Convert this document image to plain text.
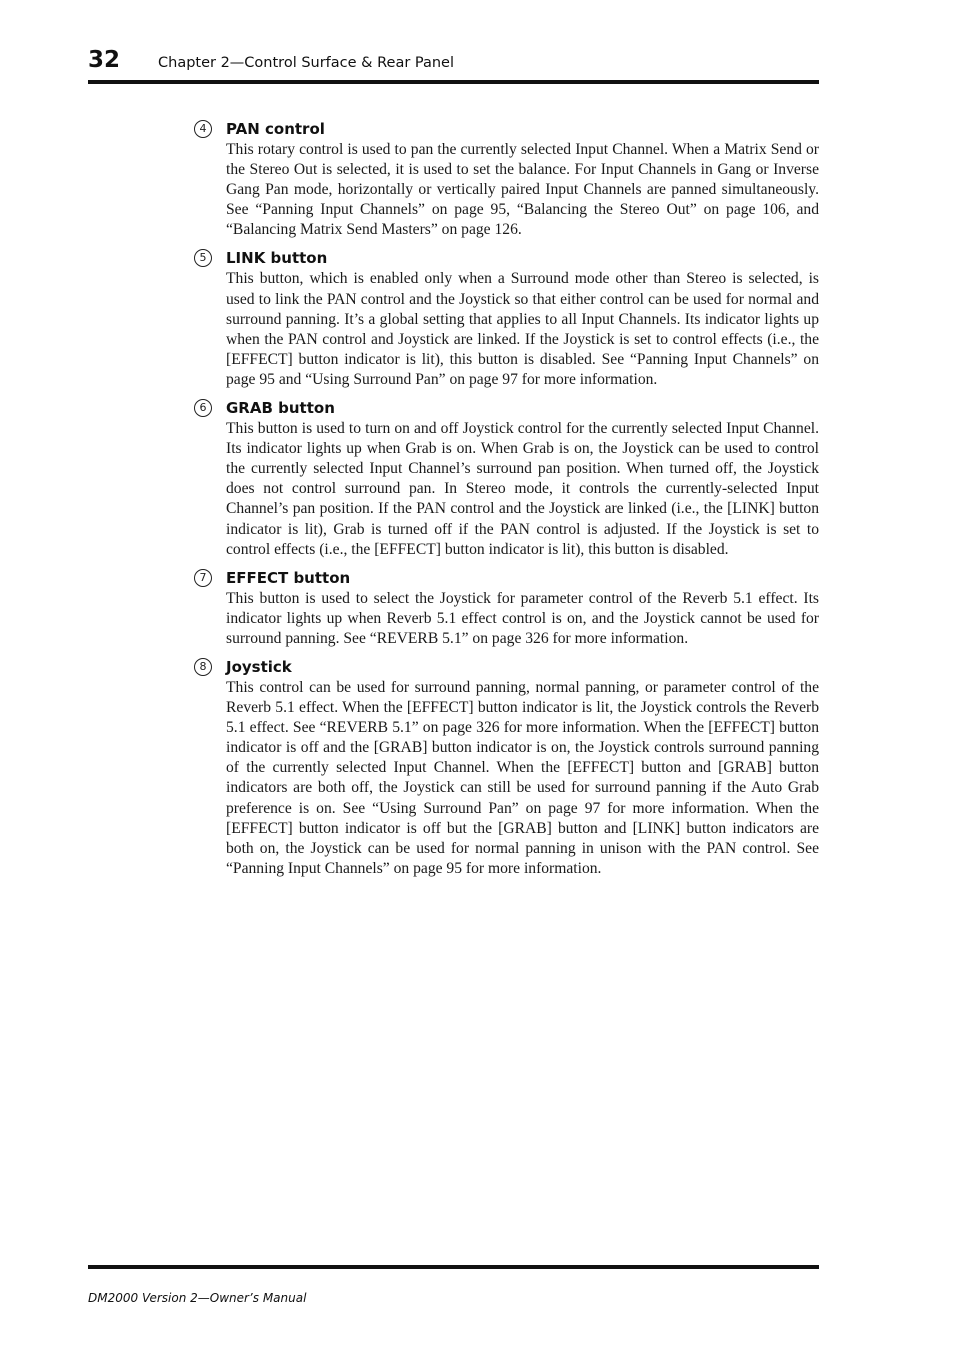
32	Chapter 2—Control Surface & Rear Panel
4	PAN control

This rotary control is used to pan the currently selected Input Channel. When a Matrix Send or the Stereo Out is selected, it is used to set the balance. For Input Channels in Gang or Inverse Gang Pan mode, horizontally or vertically paired Input Channels are panned simultaneously. See “Panning Input Channels” on page 95, “Balancing the Stereo Out” on page 106, and “Balancing Matrix Send Masters” on page 126.

5	LINK button

This button, which is enabled only when a Surround mode other than Stereo is selected, is used to link the PAN control and the Joystick so that either control can be used for normal and surround panning. It’s a global setting that applies to all Input Channels. Its indicator lights up when the PAN control and Joystick are linked. If the Joystick is set to control effects (i.e., the [EFFECT] button indicator is lit), this button is disabled. See “Panning Input Channels” on page 95 and “Using Surround Pan” on page 97 for more information.

6	GRAB button

This button is used to turn on and off Joystick control for the currently selected Input Channel. Its indicator lights up when Grab is on. When Grab is on, the Joystick can be used to control the currently selected Input Channel’s surround pan position. When turned off, the Joystick does not control surround pan. In Stereo mode, it controls the currently-selected Input Channel’s pan position. If the PAN control and the Joystick are linked (i.e., the [LINK] button indicator is lit), Grab is turned off if the PAN control is adjusted. If the Joystick is set to control effects (i.e., the [EFFECT] button indicator is lit), this button is disabled.

7	EFFECT button

This button is used to select the Joystick for parameter control of the Reverb 5.1 effect. Its indicator lights up when Reverb 5.1 effect control is on, and the Joystick cannot be used for surround panning. See “REVERB 5.1” on page 326 for more information.

8	Joystick

This control can be used for surround panning, normal panning, or parameter control of the Reverb 5.1 effect. When the [EFFECT] button indicator is lit, the Joystick controls the Reverb 5.1 effect. See “REVERB 5.1” on page 326 for more information. When the [EFFECT] button indicator is off and the [GRAB] button indicator is on, the Joystick controls surround panning of the currently selected Input Channel. When the [EFFECT] button and [GRAB] button indicators are both off, the Joystick can still be used for surround panning if the Auto Grab preference is on. See “Using Surround Pan” on page 97 for more information. When the [EFFECT] button indicator is off but the [GRAB] button and [LINK] button indicators are both on, the Joystick can be used for normal panning in unison with the PAN control. See “Panning Input Channels” on page 95 for more information.

DM2000 Version 2—Owner’s Manual
